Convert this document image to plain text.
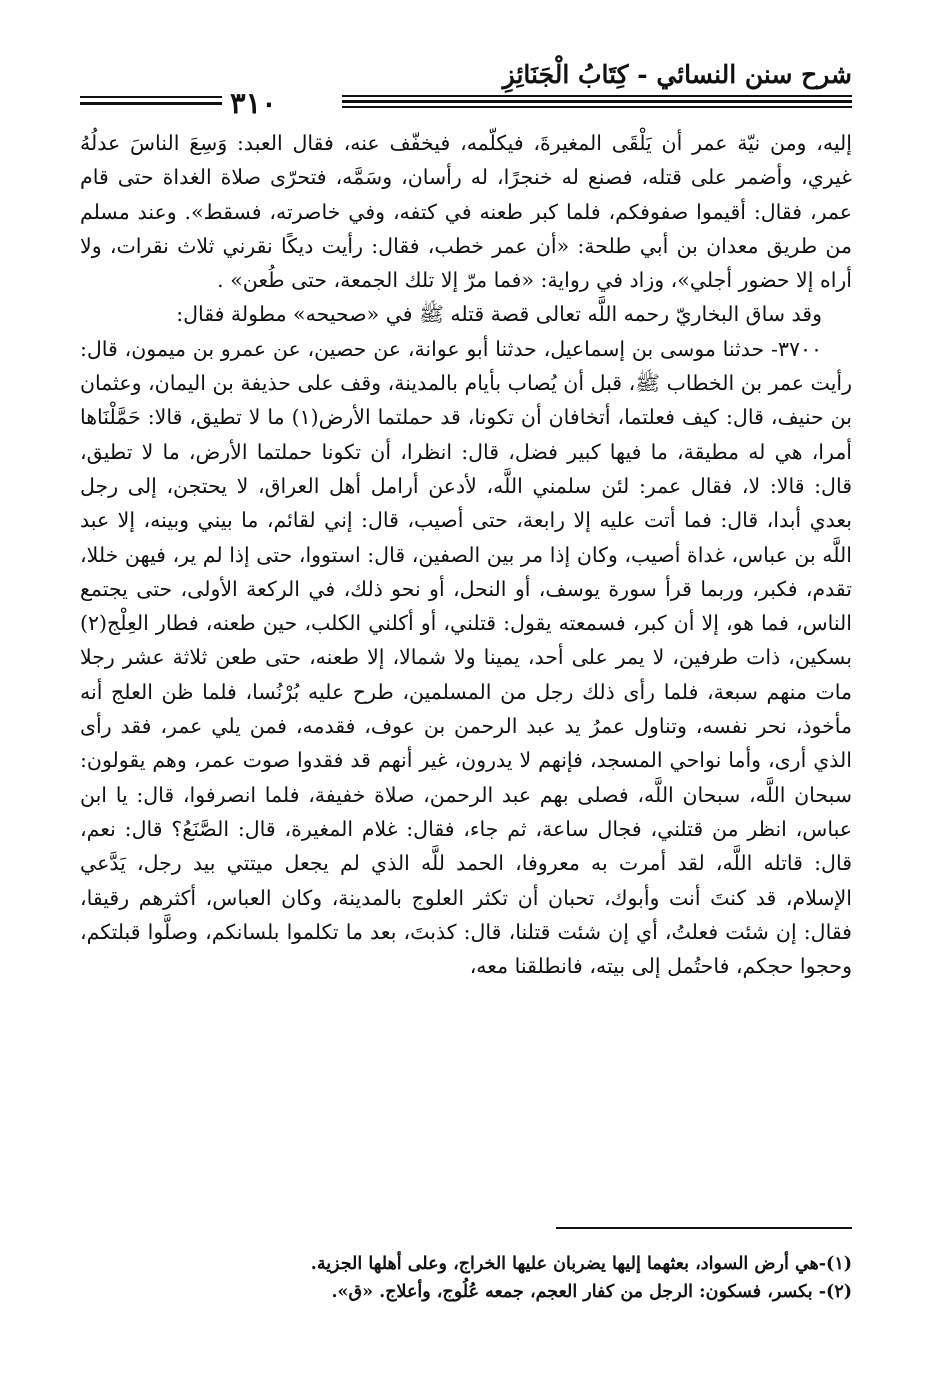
شرح سنن النسائي - كِتَابُ الْجَنَائِزِ
٣١٠

إليه، ومن نيّة عمر أن يَلْقَى المغيرةَ، فيكلّمه، فيخفّف عنه، فقال العبد: وَسِعَ الناسَ عدلُهُ غيري، وأضمر على قتله، فصنع له خنجرًا، له رأسان، وسَمَّه، فتحرّى صلاة الغداة حتى قام عمر، فقال: أقيموا صفوفكم، فلما كبر طعنه في كتفه، وفي خاصرته، فسقط». وعند مسلم من طريق معدان بن أبي طلحة: «أن عمر خطب، فقال: رأيت ديكًا نقرني ثلاث نقرات، ولا أراه إلا حضور أجلي»، وزاد في رواية: «فما مرّ إلا تلك الجمعة، حتى طُعن» .

وقد ساق البخاريّ رحمه اللَّه تعالى قصة قتله ﷺ في «صحيحه» مطولة فقال:

٣٧٠٠- حدثنا موسى بن إسماعيل، حدثنا أبو عوانة، عن حصين، عن عمرو بن ميمون، قال: رأيت عمر بن الخطاب ﷺ، قبل أن يُصاب بأيام بالمدينة، وقف على حذيفة بن اليمان، وعثمان بن حنيف، قال: كيف فعلتما، أتخافان أن تكونا، قد حملتما الأرض(١) ما لا تطيق، قالا: حَمَّلْنَاها أمرا، هي له مطيقة، ما فيها كبير فضل، قال: انظرا، أن تكونا حملتما الأرض، ما لا تطيق، قال: قالا: لا، فقال عمر: لئن سلمني اللَّه، لأدعن أرامل أهل العراق، لا يحتجن، إلى رجل بعدي أبدا، قال: فما أتت عليه إلا رابعة، حتى أصيب، قال: إني لقائم، ما بيني وبينه، إلا عبد اللَّه بن عباس، غداة أصيب، وكان إذا مر بين الصفين، قال: استووا، حتى إذا لم ير، فيهن خللا، تقدم، فكبر، وربما قرأ سورة يوسف، أو النحل، أو نحو ذلك، في الركعة الأولى، حتى يجتمع الناس، فما هو، إلا أن كبر، فسمعته يقول: قتلني، أو أكلني الكلب، حين طعنه، فطار العِلْج(٢) بسكين، ذات طرفين، لا يمر على أحد، يمينا ولا شمالا، إلا طعنه، حتى طعن ثلاثة عشر رجلا مات منهم سبعة، فلما رأى ذلك رجل من المسلمين، طرح عليه بُرْنُسا، فلما ظن العلج أنه مأخوذ، نحر نفسه، وتناول عمرُ يد عبد الرحمن بن عوف، فقدمه، فمن يلي عمر، فقد رأى الذي أرى، وأما نواحي المسجد، فإنهم لا يدرون، غير أنهم قد فقدوا صوت عمر، وهم يقولون: سبحان اللَّه، سبحان اللَّه، فصلى بهم عبد الرحمن، صلاة خفيفة، فلما انصرفوا، قال: يا ابن عباس، انظر من قتلني، فجال ساعة، ثم جاء، فقال: غلام المغيرة، قال: الصَّنَعُ؟ قال: نعم، قال: قاتله اللَّه، لقد أمرت به معروفا، الحمد للَّه الذي لم يجعل ميتتي بيد رجل، يَدَّعي الإسلام، قد كنتَ أنت وأبوك، تحبان أن تكثر العلوج بالمدينة، وكان العباس، أكثرهم رقيقا، فقال: إن شئت فعلتُ، أي إن شئت قتلنا، قال: كذبتَ، بعد ما تكلموا بلسانكم، وصلَّوا قبلتكم، وحجوا حجكم، فاحتُمل إلى بيته، فانطلقنا معه،

(١)-هي أرض السواد، بعثهما إليها يضربان عليها الخراج، وعلى أهلها الجزية.

(٢)- بكسر، فسكون: الرجل من كفار العجم، جمعه عُلُوج، وأعلاج. «ق».
